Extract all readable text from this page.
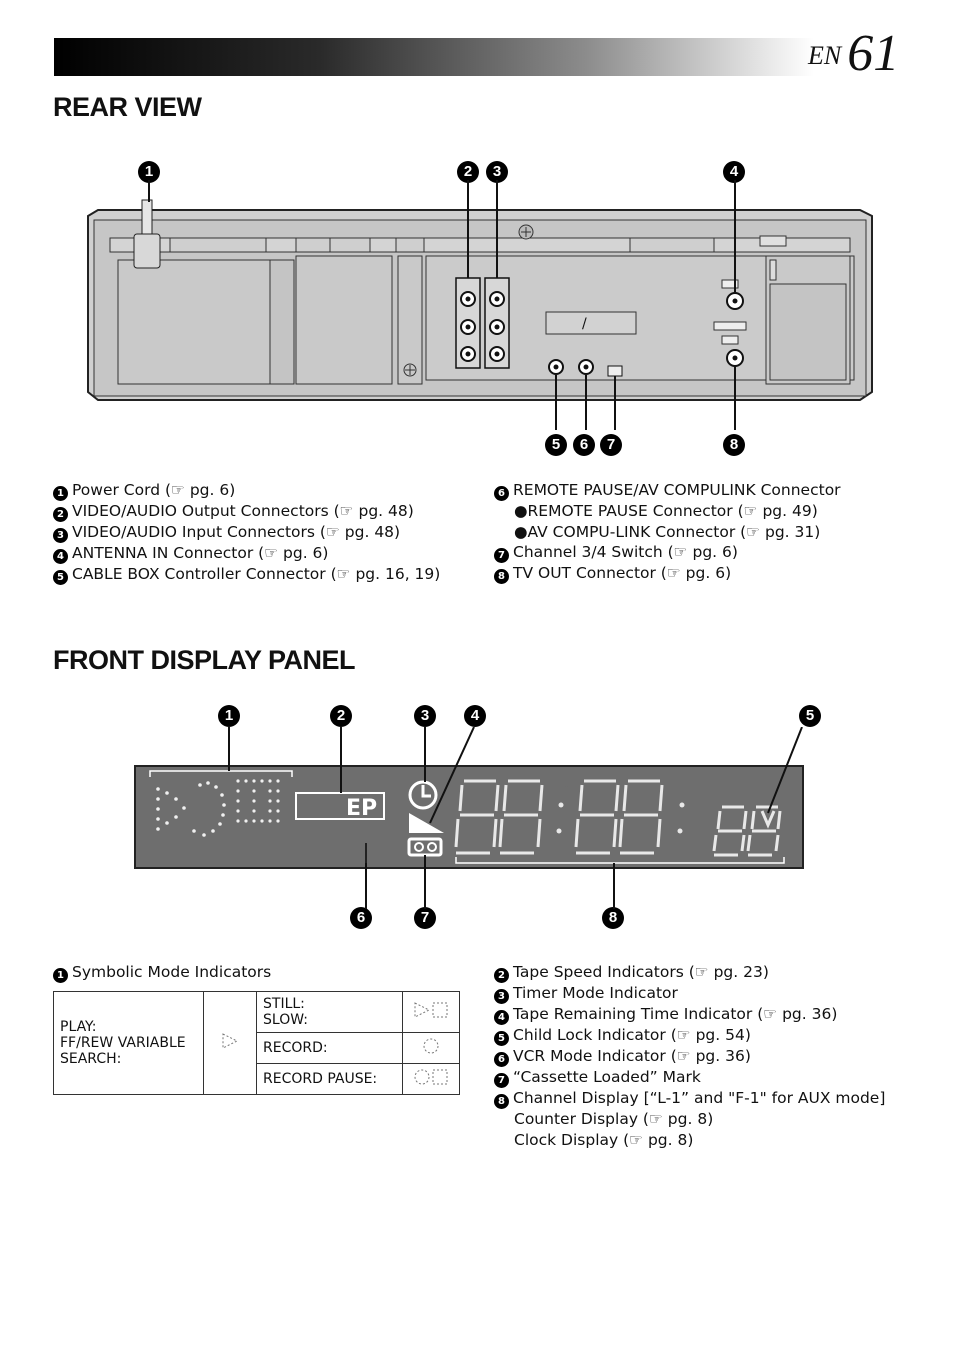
EN 61
REAR VIEW
1	2	3	4
5	6	7	8
/
1 Power Cord (☞ pg. 6)
2 VIDEO/AUDIO Output Connectors (☞ pg. 48)
3 VIDEO/AUDIO Input Connectors (☞ pg. 48)
4 ANTENNA IN Connector (☞ pg. 6)
5 CABLE BOX Controller Connector (☞ pg. 16, 19)
6 REMOTE PAUSE/AV COMPULINK Connector
●REMOTE PAUSE Connector (☞ pg. 49)
●AV COMPU-LINK Connector (☞ pg. 31)
7 Channel 3/4 Switch (☞ pg. 6)
8 TV OUT Connector (☞ pg. 6)
FRONT DISPLAY PANEL
1	2	3	4	5
6	7	8
EP
88:88:88
1 Symbolic Mode Indicators
PLAY:
FF/REW VARIABLE
SEARCH:		STILL:
SLOW:	
		RECORD:	
		RECORD PAUSE:	
2 Tape Speed Indicators (☞ pg. 23)
3 Timer Mode Indicator
4 Tape Remaining Time Indicator (☞ pg. 36)
5 Child Lock Indicator (☞ pg. 54)
6 VCR Mode Indicator (☞ pg. 36)
7 “Cassette Loaded” Mark
8 Channel Display [“L-1” and "F-1" for AUX mode]
Counter Display (☞ pg. 8)
Clock Display (☞ pg. 8)
